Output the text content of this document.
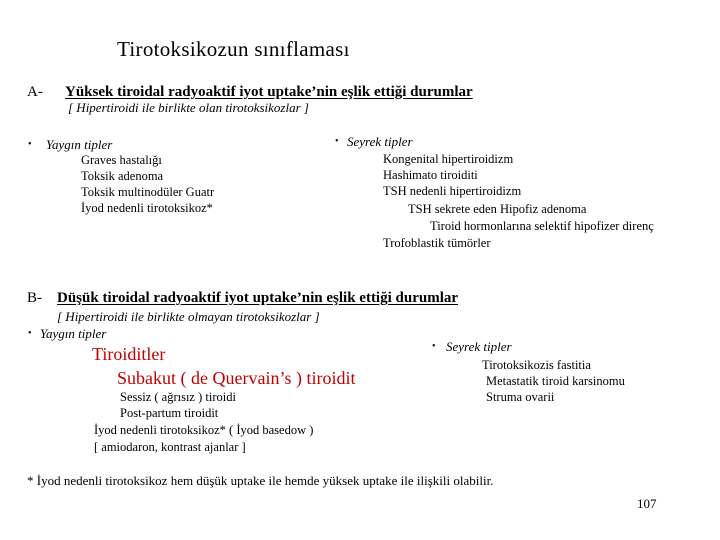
Tirotoksikozun sınıflaması
A- Yüksek tiroidal radyoaktif iyot uptake’nin eşlik ettiği durumlar
[ Hipertiroidi ile birlikte olan tirotoksikozlar ]
• Yaygın tipler
Graves hastalığı
Toksik adenoma
Toksik multinodüler Guatr
İyod nedenli tirotoksikoz*
• Seyrek tipler
Kongenital hipertiroidizm
Hashimato tiroiditi
TSH nedenli hipertiroidizm
TSH sekrete eden Hipofiz adenoma
Tiroid hormonlarına selektif hipofizer direnç
Trofoblastik tümörler
B- Düşük tiroidal radyoaktif iyot uptake’nin eşlik ettiği durumlar
[ Hipertiroidi ile birlikte olmayan tirotoksikozlar ]
• Yaygın tipler
Tiroiditler
Subakut ( de Quervain’s ) tiroidit
Sessiz ( ağrısız ) tiroidi
Post-partum tiroidit
İyod nedenli tirotoksikoz* ( İyod basedow )
[ amiodaron, kontrast ajanlar ]
• Seyrek tipler
Tirotoksikozis fastitia
Metastatik tiroid karsinomu
Struma ovarii
* İyod nedenli tirotoksikoz hem düşük uptake ile hemde yüksek uptake ile ilişkili olabilir.
107
